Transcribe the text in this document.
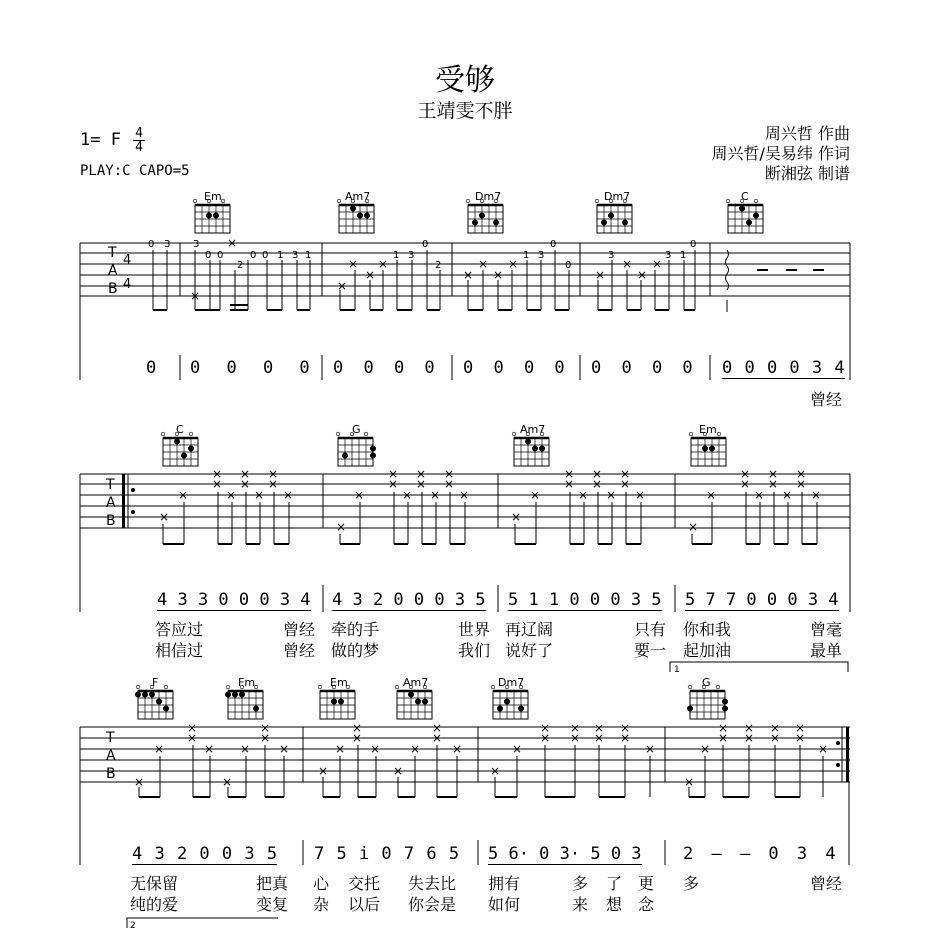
受够
王靖雯不胖
1= F 4
4
PLAY:C CAPO=5
周兴哲 作曲
周兴哲/吴易纬 作词
断湘弦 制谱
T
A
B
4
4
0 3 3
0 0
2
0 0 1 3 1
0
1 3
2
0
1 3
0
0
3	1
3
×
×
×
×
×
×
×
×
×
×	×
×
×
×
T
A
B	×
×
×
×
×
×
×
×
×
×
×
×
×
×
×
×
×
×
×
×
×
×
×
×
×
×
×
×
×
×
×
×
×
×
×
×
×
×
×
×
×
×
×
×
1
T
A
B ×
×
×
×
×
×
×
×
×
×
×
×
×
×
×
×
×
×
×
×
×
×
×
×
×
×
×
×
×
×
×
×
×
×
×
×
×
×
×
×
×
×
2
Em	Am7	Dm7	Dm7	C
C	G	Am7	Em
F	Fm	Em	Am7	Dm7	G
0 0 0 0 0 0 0 0 0 0 0 0 0 0 0 0 0 0 0 0 0 3 4
曾经
4 3 3 0 0 0 3 4 4 3 2 0 0 0 3 5 5 1 1 0 0 0 3 5 5 7 7 0 0 0 3 4
答应过	曾经 牵的手	世界 再辽阔	只有 你和我	曾毫
相信过	曾经 做的梦	我们 说好了	要一 起加油	最单
4 3 2 0 0 3 5 7 5 i 0 7 6 5 5 6· 0 3· 5 0 3 2 – – 0 3 4
无保留	把真 心 交托 失去比 拥有	多 了 更 多	曾经
纯的爱	变复 杂 以后 你会是 如何	来 想 念
